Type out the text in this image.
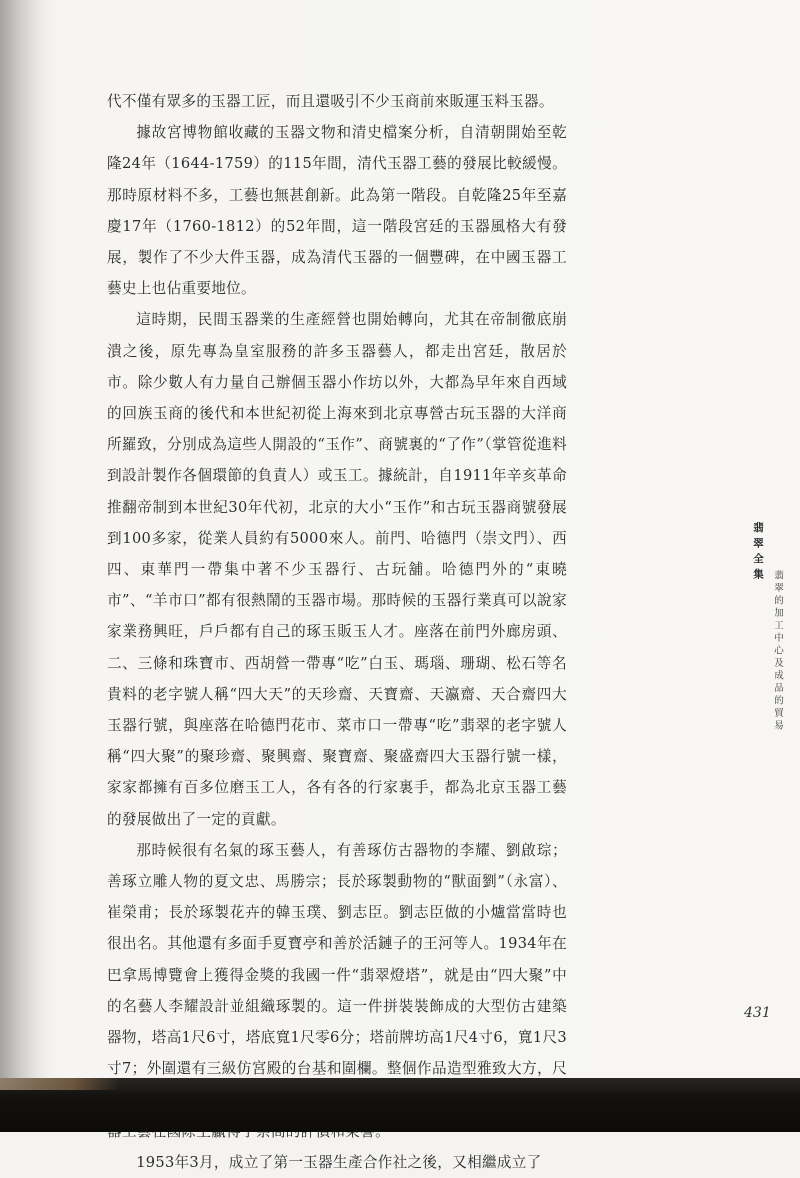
代不僅有眾多的玉器工匠，而且還吸引不少玉商前來販運玉料玉器。

據故宮博物館收藏的玉器文物和清史檔案分析，自清朝開始至乾隆24年（1644-1759）的115年間，清代玉器工藝的發展比較緩慢。那時原材料不多，工藝也無甚創新。此為第一階段。自乾隆25年至嘉慶17年（1760-1812）的52年間，這一階段宮廷的玉器風格大有發展，製作了不少大件玉器，成為清代玉器的一個豐碑，在中國玉器工藝史上也佔重要地位。

這時期，民間玉器業的生產經營也開始轉向，尤其在帝制徹底崩潰之後，原先專為皇室服務的許多玉器藝人，都走出宮廷，散居於市。除少數人有力量自己辦個玉器小作坊以外，大都為早年來自西域的回族玉商的後代和本世紀初從上海來到北京專營古玩玉器的大洋商所羅致，分別成為這些人開設的“玉作”、商號裏的“了作”（掌管從進料到設計製作各個環節的負責人）或玉工。據統計，自1911年辛亥革命推翻帝制到本世紀30年代初，北京的大小“玉作”和古玩玉器商號發展到100多家，從業人員約有5000來人。前門、哈德門（崇文門）、西四、東華門一帶集中著不少玉器行、古玩舖。哈德門外的“東曉市”、“羊市口”都有很熱鬧的玉器市場。那時候的玉器行業真可以說家家業務興旺，戶戶都有自己的琢玉販玉人才。座落在前門外廊房頭、二、三條和珠寶市、西胡營一帶專“吃”白玉、瑪瑙、珊瑚、松石等名貴料的老字號人稱“四大天”的天珍齋、天寶齋、天瀛齋、天合齋四大玉器行號，與座落在哈德門花市、菜市口一帶專“吃”翡翠的老字號人稱“四大聚”的聚珍齋、聚興齋、聚寶齋、聚盛齋四大玉器行號一樣，家家都擁有百多位磨玉工人，各有各的行家裏手，都為北京玉器工藝的發展做出了一定的貢獻。

那時候很有名氣的琢玉藝人，有善琢仿古器物的李耀、劉啟琮；善琢立雕人物的夏文忠、馬勝宗；長於琢製動物的“獸面劉”（永富）、崔榮甫；長於琢製花卉的韓玉璞、劉志臣。劉志臣做的小爐當當時也很出名。其他還有多面手夏寶亭和善於活鏈子的王河等人。1934年在巴拿馬博覽會上獲得金獎的我國一件“翡翠燈塔”，就是由“四大聚”中的名藝人李耀設計並組織琢製的。這一件拼裝裝飾成的大型仿古建築器物，塔高1尺6寸，塔底寬1尺零6分；塔前牌坊高1尺4寸6，寬1尺3寸7；外圍還有三級仿宮殿的台基和圍欄。整個作品造型雅致大方，尺

1953年3月，成立了第一玉器生產合作社之後，又相繼成立了

翡翠全集
翡翠的加工中心及成品的貿易
431
